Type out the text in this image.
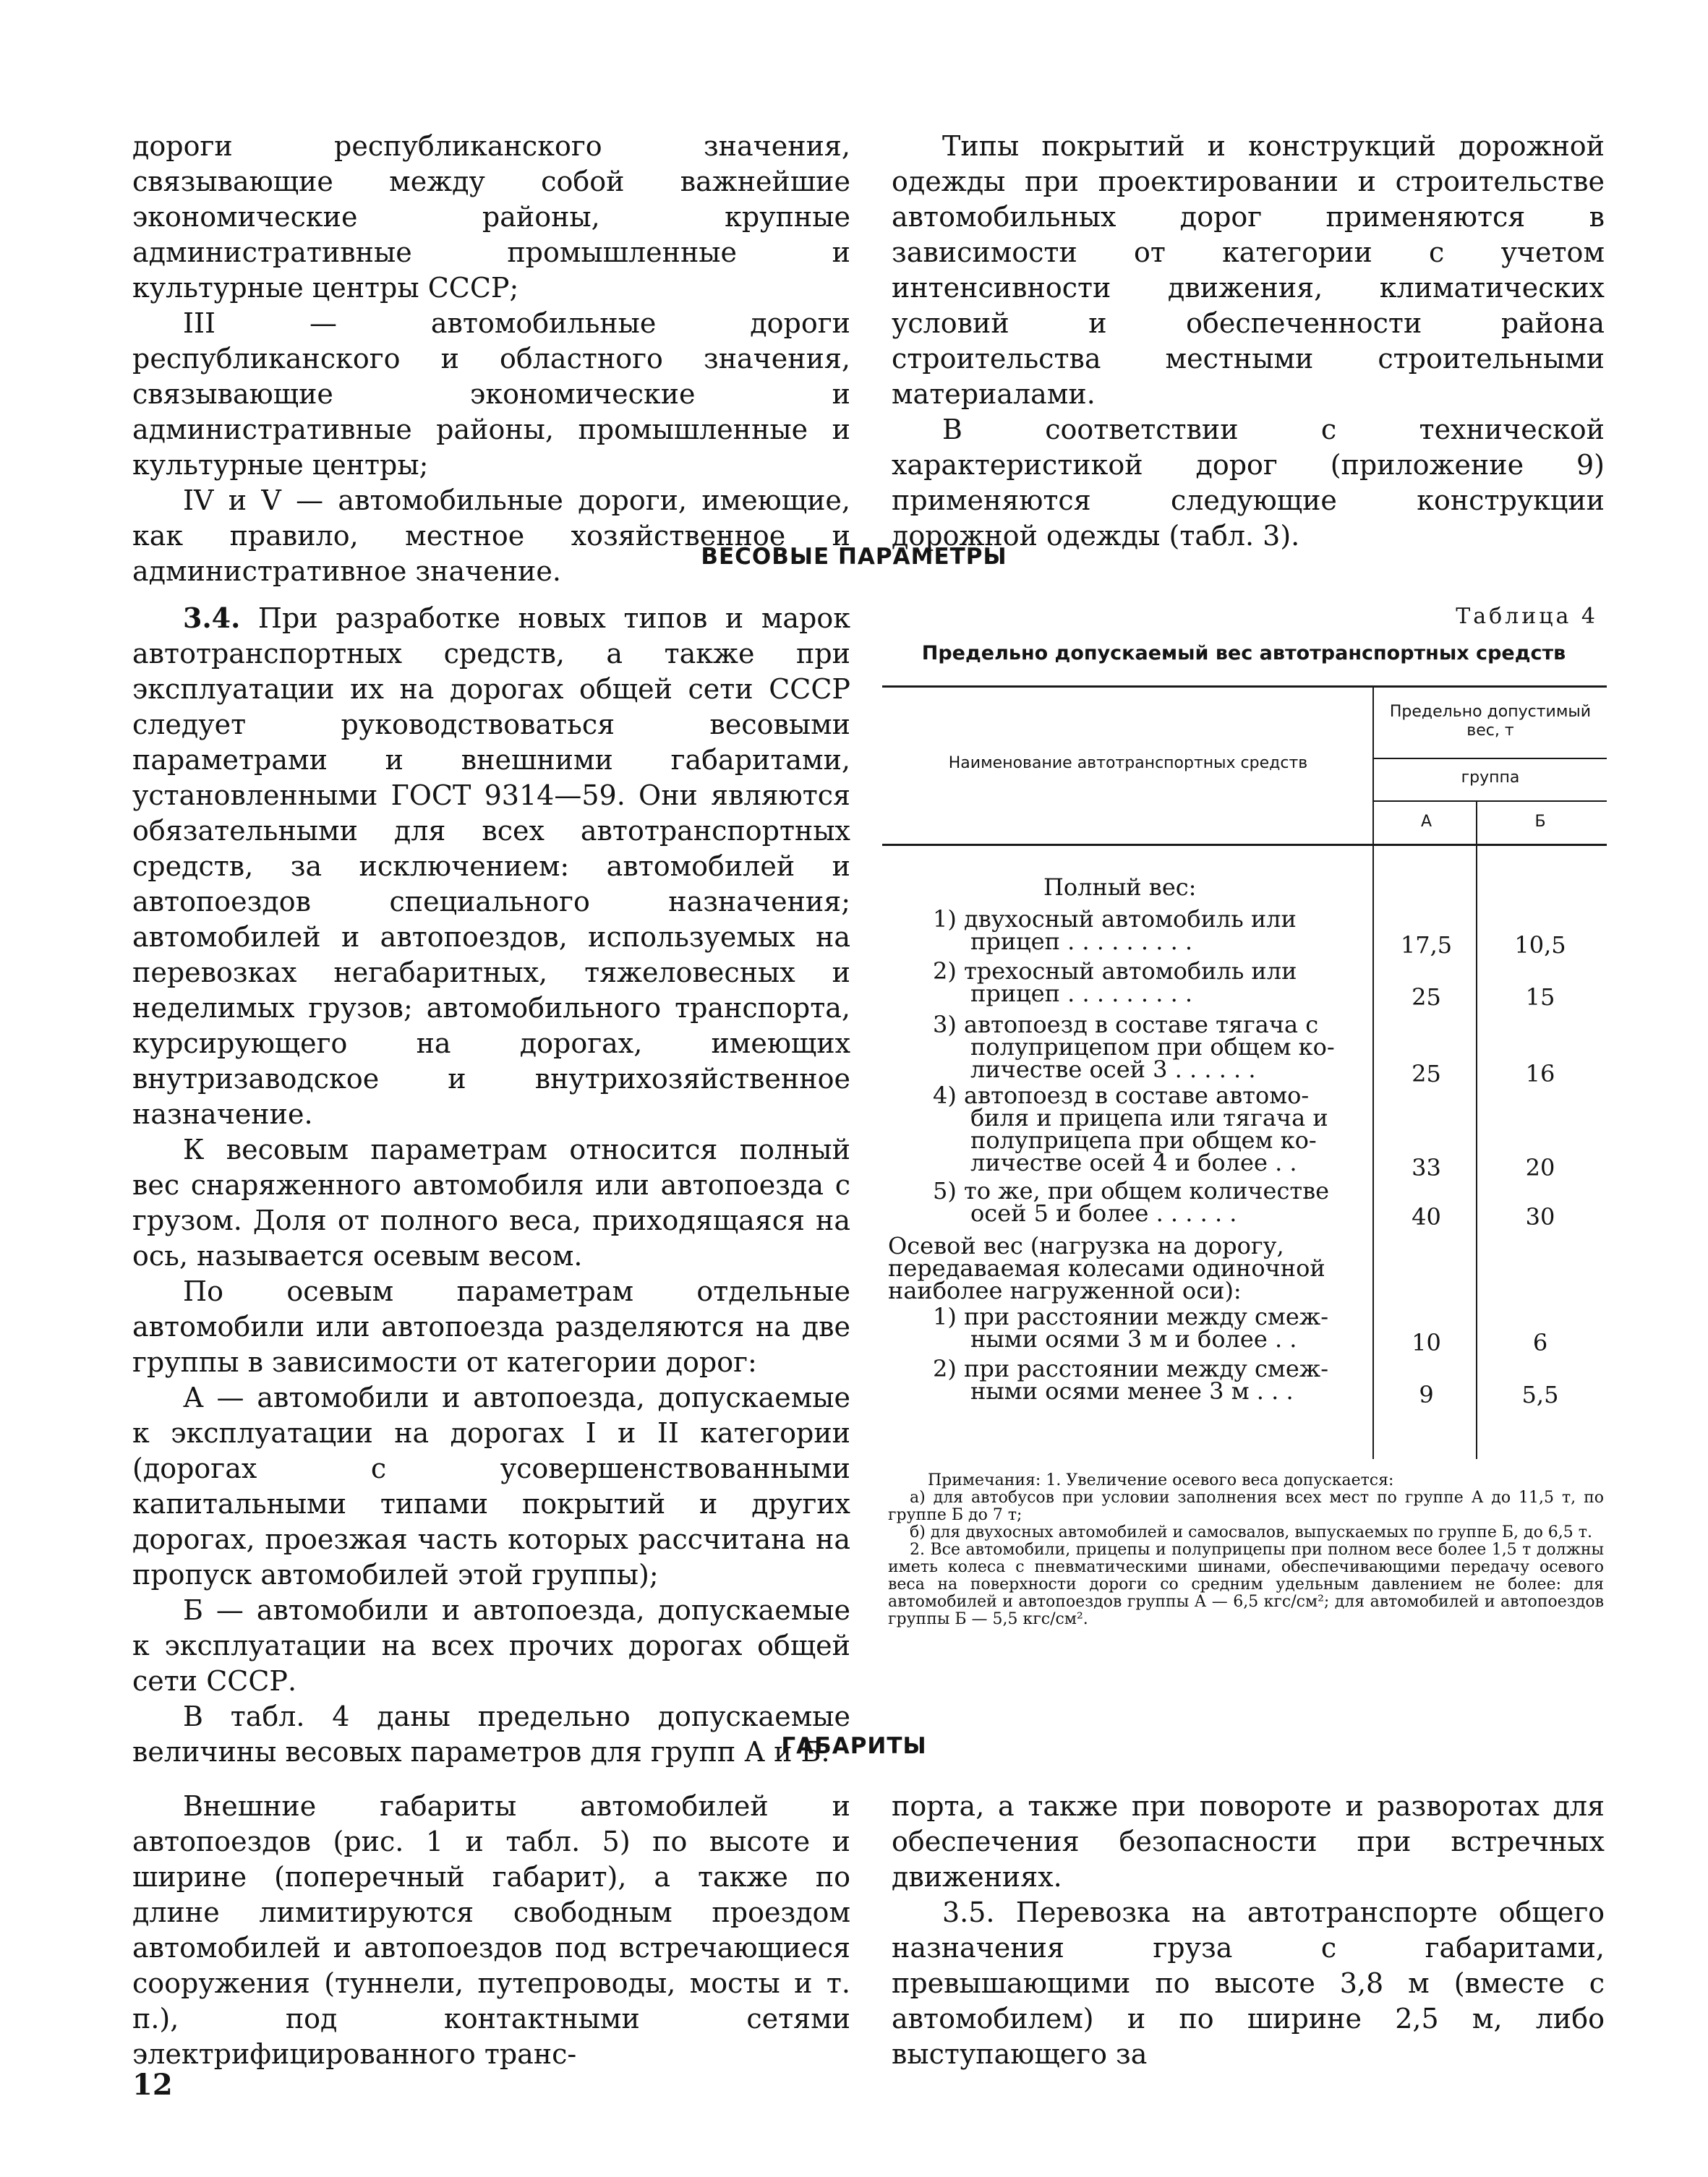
дороги республиканского значения, связывающие между собой важнейшие экономические районы, крупные административные промышленные и культурные центры СССР;

III — автомобильные дороги республиканского и областного значения, связывающие экономические и административные районы, промышленные и культурные центры;

IV и V — автомобильные дороги, имеющие, как правило, местное хозяйственное и административное значение.

Типы покрытий и конструкций дорожной одежды при проектировании и строительстве автомобильных дорог применяются в зависимости от категории с учетом интенсивности движения, климатических условий и обеспеченности района строительства местными строительными материалами.

В соответствии с технической характеристикой дорог (приложение 9) применяются следующие конструкции дорожной одежды (табл. 3).

ВЕСОВЫЕ ПАРАМЕТРЫ

3.4. При разработке новых типов и марок автотранспортных средств, а также при эксплуатации их на дорогах общей сети СССР следует руководствоваться весовыми параметрами и внешними габаритами, установленными ГОСТ 9314—59. Они являются обязательными для всех автотранспортных средств, за исключением: автомобилей и автопоездов специального назначения; автомобилей и автопоездов, используемых на перевозках негабаритных, тяжеловесных и неделимых грузов; автомобильного транспорта, курсирующего на дорогах, имеющих внутризаводское и внутрихозяйственное назначение.

К весовым параметрам относится полный вес снаряженного автомобиля или автопоезда с грузом. Доля от полного веса, приходящаяся на ось, называется осевым весом.

По осевым параметрам отдельные автомобили или автопоезда разделяются на две группы в зависимости от категории дорог:

А — автомобили и автопоезда, допускаемые к эксплуатации на дорогах I и II категории (дорогах с усовершенствованными капитальными типами покрытий и других дорогах, проезжая часть которых рассчитана на пропуск автомобилей этой группы);

Б — автомобили и автопоезда, допускаемые к эксплуатации на всех прочих дорогах общей сети СССР.

В табл. 4 даны предельно допускаемые величины весовых параметров для групп А и Б.

Таблица 4
Предельно допускаемый вес автотранспортных средств
Наименование автотранспортных средств
Предельно допустимый вес, т
группа
А	Б
Полный вес:
1) двухосный автомобиль или
прицеп . . . . . . . . .	17,5	10,5
2) трехосный автомобиль или
прицеп . . . . . . . . .	25	15
3) автопоезд в составе тягача с
полуприцепом при общем ко-
личестве осей 3 . . . . . .	25	16
4) автопоезд в составе автомо-
биля и прицепа или тягача и
полуприцепа при общем ко-
личестве осей 4 и более . .	33	20
5) то же, при общем количестве
осей 5 и более . . . . . .	40	30
Осевой вес (нагрузка на дорогу,
передаваемая колесами одиночной
наиболее нагруженной оси):
1) при расстоянии между смеж-
ными осями 3 м и более . .	10	6
2) при расстоянии между смеж-
ными осями менее 3 м . . .	9	5,5

Примечания: 1. Увеличение осевого веса допускается:

а) для автобусов при условии заполнения всех мест по группе А до 11,5 т, по группе Б до 7 т;

б) для двухосных автомобилей и самосвалов, выпускаемых по группе Б, до 6,5 т.

2. Все автомобили, прицепы и полуприцепы при полном весе более 1,5 т должны иметь колеса с пневматическими шинами, обеспечивающими передачу осевого веса на поверхности дороги со средним удельным давлением не более: для автомобилей и автопоездов группы А — 6,5 кгс/см²; для автомобилей и автопоездов группы Б — 5,5 кгс/см².

ГАБАРИТЫ

Внешние габариты автомобилей и автопоездов (рис. 1 и табл. 5) по высоте и ширине (поперечный габарит), а также по длине лимитируются свободным проездом автомобилей и автопоездов под встречающиеся сооружения (туннели, путепроводы, мосты и т. п.), под контактными сетями электрифицированного транс-

порта, а также при повороте и разворотах для обеспечения безопасности при встречных движениях.

3.5. Перевозка на автотранспорте общего назначения груза с габаритами, превышающими по высоте 3,8 м (вместе с автомобилем) и по ширине 2,5 м, либо выступающего за

12
